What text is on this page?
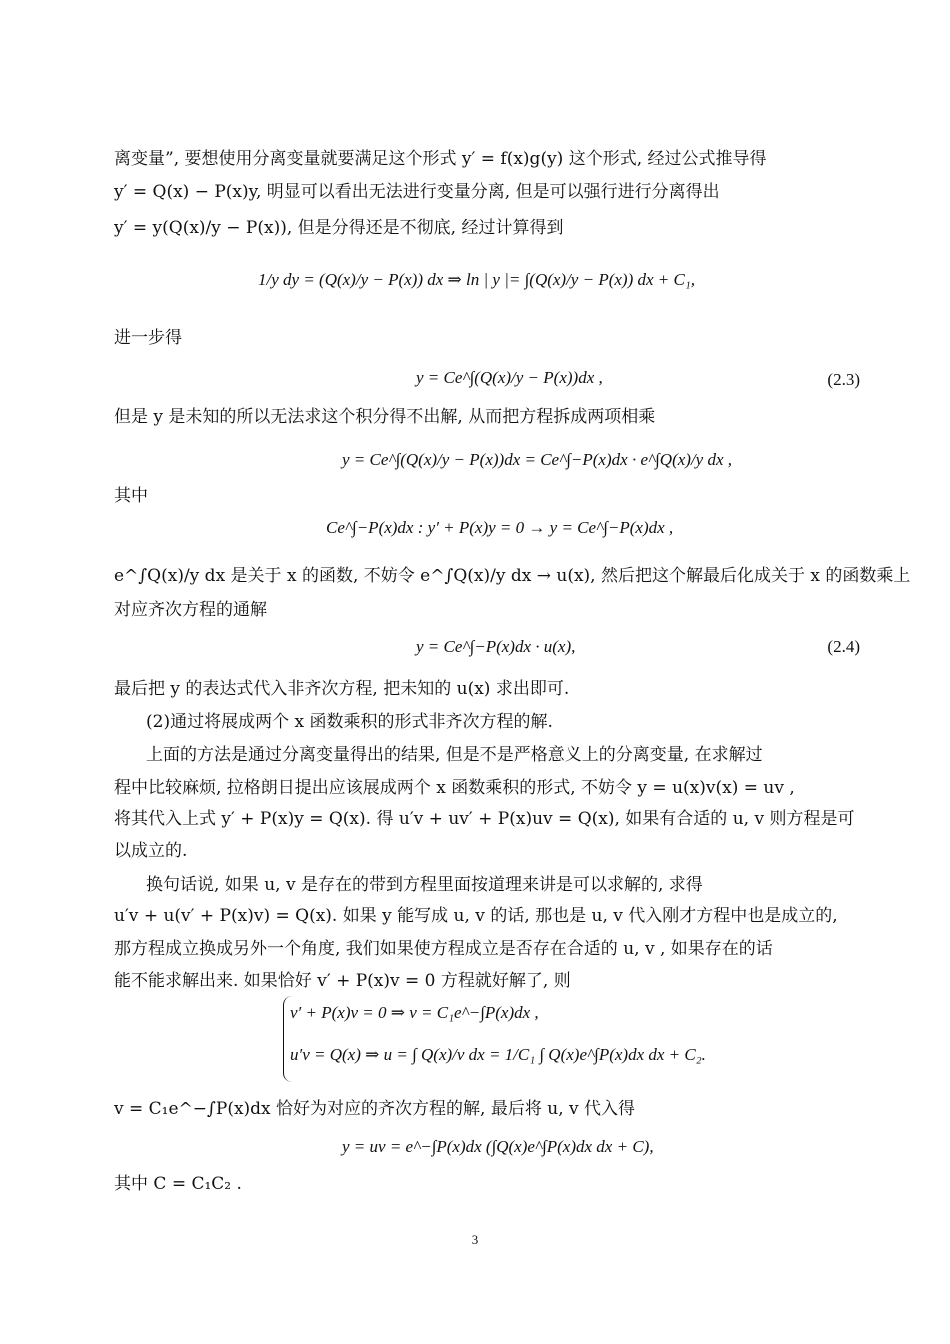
离变量”, 要想使用分离变量就要满足这个形式 y′ = f(x)g(y) 这个形式, 经过公式推导得
y′ = Q(x) − P(x)y, 明显可以看出无法进行变量分离, 但是可以强行进行分离得出
y′ = y(Q(x)/y − P(x)), 但是分得还是不彻底, 经过计算得到
1/y dy = (Q(x)/y − P(x)) dx ⇒ ln | y |= ∫(Q(x)/y − P(x)) dx + C₁,
进一步得
y = Ce^∫(Q(x)/y − P(x))dx ,	(2.3)
但是 y 是未知的所以无法求这个积分得不出解, 从而把方程拆成两项相乘
y = Ce^∫(Q(x)/y − P(x))dx = Ce^∫−P(x)dx · e^∫Q(x)/y dx ,
其中
Ce^∫−P(x)dx : y′ + P(x)y = 0 → y = Ce^∫−P(x)dx ,
e^∫Q(x)/y dx 是关于 x 的函数, 不妨令 e^∫Q(x)/y dx → u(x), 然后把这个解最后化成关于 x 的函数乘上
对应齐次方程的通解
y = Ce^∫−P(x)dx · u(x),	(2.4)
最后把 y 的表达式代入非齐次方程, 把未知的 u(x) 求出即可.
(2)通过将展成两个 x 函数乘积的形式非齐次方程的解.
上面的方法是通过分离变量得出的结果, 但是不是严格意义上的分离变量, 在求解过
程中比较麻烦, 拉格朗日提出应该展成两个 x 函数乘积的形式, 不妨令 y = u(x)v(x) = uv ,
将其代入上式 y′ + P(x)y = Q(x). 得 u′v + uv′ + P(x)uv = Q(x), 如果有合适的 u, v 则方程是可
以成立的.
换句话说, 如果 u, v 是存在的带到方程里面按道理来讲是可以求解的, 求得
u′v + u(v′ + P(x)v) = Q(x). 如果 y 能写成 u, v 的话, 那也是 u, v 代入刚才方程中也是成立的,
那方程成立换成另外一个角度, 我们如果使方程成立是否存在合适的 u, v , 如果存在的话
能不能求解出来. 如果恰好 v′ + P(x)v = 0 方程就好解了, 则
v′ + P(x)v = 0 ⇒ v = C₁e^−∫P(x)dx ,
u′v = Q(x) ⇒ u = ∫ Q(x)/v dx = 1/C₁ ∫ Q(x)e^∫P(x)dx dx + C₂.
v = C₁e^−∫P(x)dx 恰好为对应的齐次方程的解, 最后将 u, v 代入得
y = uv = e^−∫P(x)dx (∫Q(x)e^∫P(x)dx dx + C),
其中 C = C₁C₂ .
3
